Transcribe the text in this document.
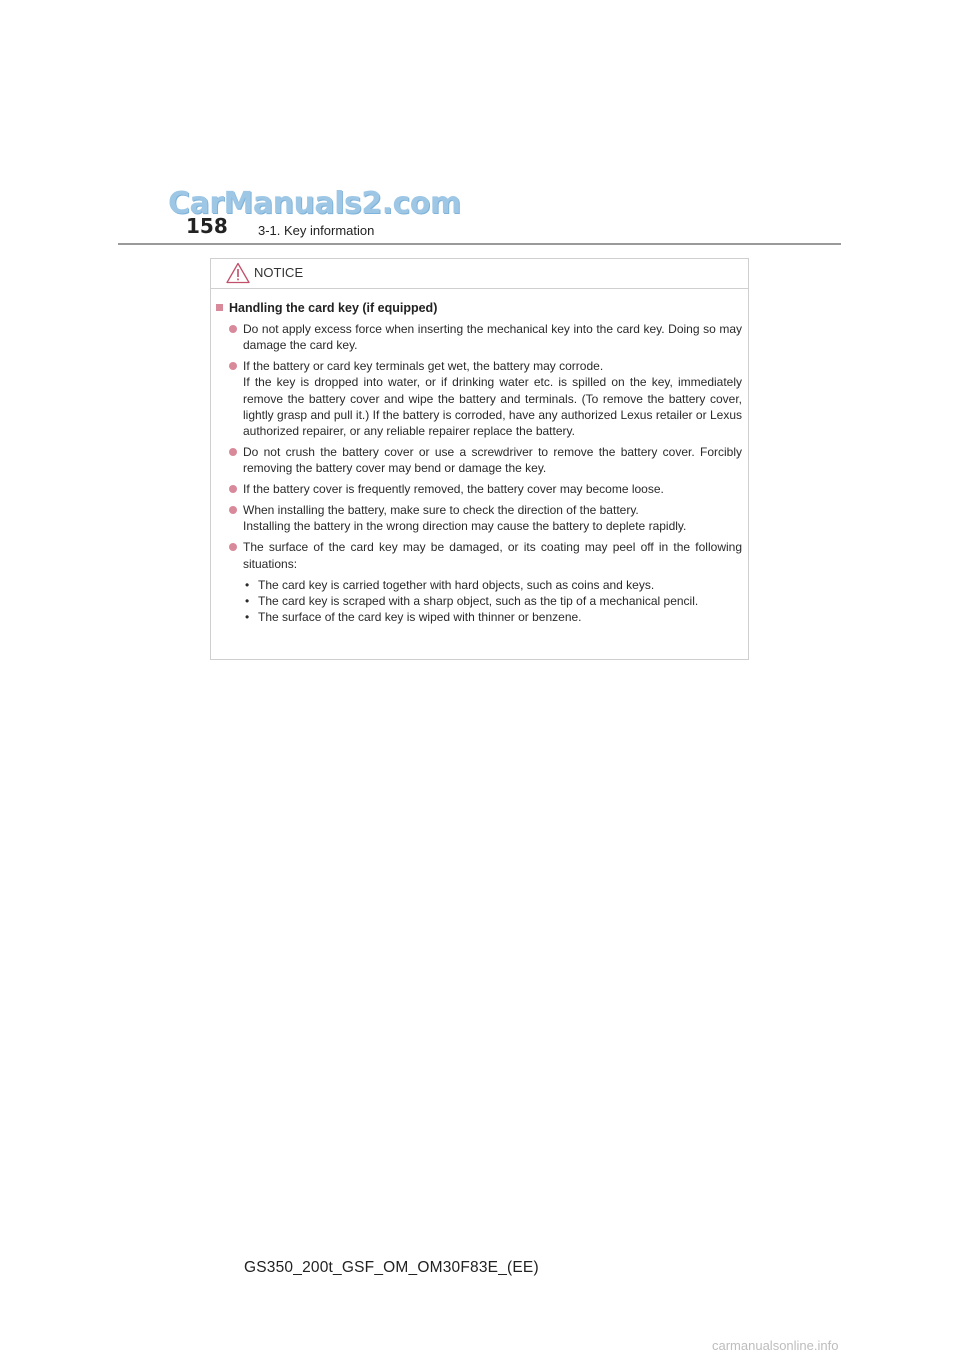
CarManuals2.com
158 3-1. Key information
NOTICE
Handling the card key (if equipped)
Do not apply excess force when inserting the mechanical key into the card key. Doing so may damage the card key.
If the battery or card key terminals get wet, the battery may corrode.
If the key is dropped into water, or if drinking water etc. is spilled on the key, immediately remove the battery cover and wipe the battery and terminals. (To remove the battery cover, lightly grasp and pull it.) If the battery is corroded, have any authorized Lexus retailer or Lexus authorized repairer, or any reliable repairer replace the battery.
Do not crush the battery cover or use a screwdriver to remove the battery cover. Forcibly removing the battery cover may bend or damage the key.
If the battery cover is frequently removed, the battery cover may become loose.
When installing the battery, make sure to check the direction of the battery.
Installing the battery in the wrong direction may cause the battery to deplete rapidly.
The surface of the card key may be damaged, or its coating may peel off in the following situations:
• The card key is carried together with hard objects, such as coins and keys.
• The card key is scraped with a sharp object, such as the tip of a mechanical pencil.
• The surface of the card key is wiped with thinner or benzene.
GS350_200t_GSF_OM_OM30F83E_(EE)
carmanualsonline.info
